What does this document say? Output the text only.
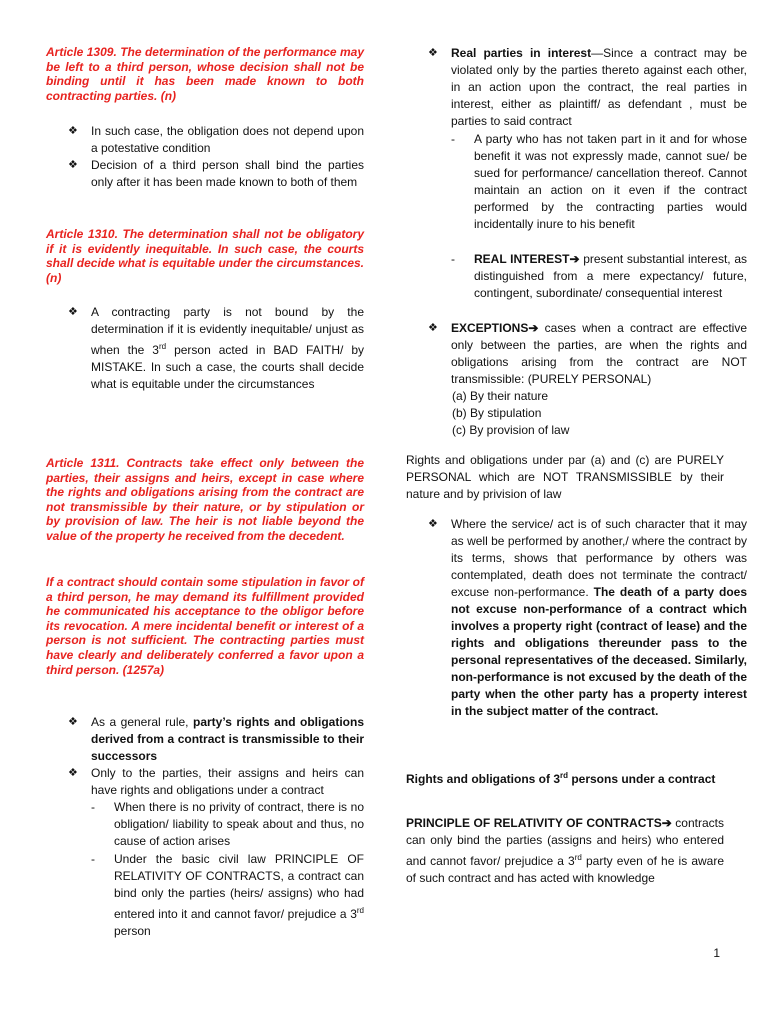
Article 1309. The determination of the performance may be left to a third person, whose decision shall not be binding until it has been made known to both contracting parties. (n)

❖ In such case, the obligation does not depend upon a potestative condition

❖ Decision of a third person shall bind the parties only after it has been made known to both of them

Article 1310. The determination shall not be obligatory if it is evidently inequitable. In such case, the courts shall decide what is equitable under the circumstances. (n)

❖ A contracting party is not bound by the determination if it is evidently inequitable/ unjust as when the 3rd person acted in BAD FAITH/ by MISTAKE. In such a case, the courts shall decide what is equitable under the circumstances

Article 1311. Contracts take effect only between the parties, their assigns and heirs, except in case where the rights and obligations arising from the contract are not transmissible by their nature, or by stipulation or by provision of law. The heir is not liable beyond the value of the property he received from the decedent.

If a contract should contain some stipulation in favor of a third person, he may demand its fulfillment provided he communicated his acceptance to the obligor before its revocation. A mere incidental benefit or interest of a person is not sufficient. The contracting parties must have clearly and deliberately conferred a favor upon a third person. (1257a)

❖ As a general rule, party’s rights and obligations derived from a contract is transmissible to their successors

❖ Only to the parties, their assigns and heirs can have rights and obligations under a contract

- When there is no privity of contract, there is no obligation/ liability to speak about and thus, no cause of action arises

- Under the basic civil law PRINCIPLE OF RELATIVITY OF CONTRACTS, a contract can bind only the parties (heirs/ assigns) who had entered into it and cannot favor/ prejudice a 3rd person

❖ Real parties in interest—Since a contract may be violated only by the parties thereto against each other, in an action upon the contract, the real parties in interest, either as plaintiff/ as defendant , must be parties to said contract

- A party who has not taken part in it and for whose benefit it was not expressly made, cannot sue/ be sued for performance/ cancellation thereof. Cannot maintain an action on it even if the contract performed by the contracting parties would incidentally inure to his benefit

- REAL INTEREST➔ present substantial interest, as distinguished from a mere expectancy/ future, contingent, subordinate/ consequential interest

❖ EXCEPTIONS➔ cases when a contract are effective only between the parties, are when the rights and obligations arising from the contract are NOT transmissible: (PURELY PERSONAL)

(a) By their nature
(b) By stipulation
(c) By provision of law

Rights and obligations under par (a) and (c) are PURELY PERSONAL which are NOT TRANSMISSIBLE by their nature and by privision of law

❖ Where the service/ act is of such character that it may as well be performed by another,/ where the contract by its terms, shows that performance by others was contemplated, death does not terminate the contract/ excuse non-performance. The death of a party does not excuse non-performance of a contract which involves a property right (contract of lease) and the rights and obligations thereunder pass to the personal representatives of the deceased. Similarly, non-performance is not excused by the death of the party when the other party has a property interest in the subject matter of the contract.

Rights and obligations of 3rd persons under a contract

PRINCIPLE OF RELATIVITY OF CONTRACTS➔ contracts can only bind the parties (assigns and heirs) who entered and cannot favor/ prejudice a 3rd party even of he is aware of such contract and has acted with knowledge

1
